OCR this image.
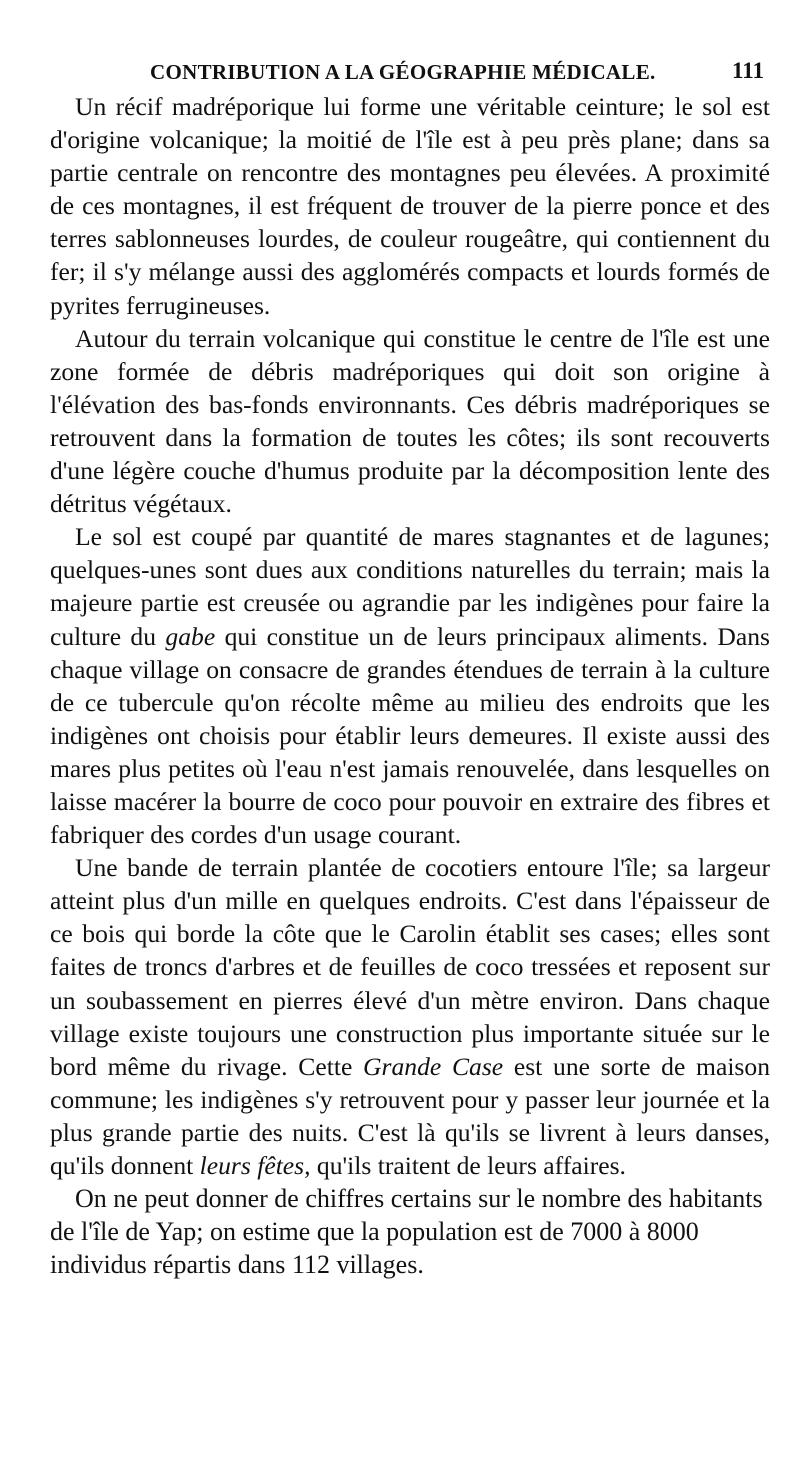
CONTRIBUTION A LA GÉOGRAPHIE MÉDICALE.	111

Un récif madréporique lui forme une véritable ceinture; le sol est d'origine volcanique; la moitié de l'île est à peu près plane; dans sa partie centrale on rencontre des montagnes peu élevées. A proximité de ces montagnes, il est fréquent de trouver de la pierre ponce et des terres sablonneuses lourdes, de couleur rougeâtre, qui contiennent du fer; il s'y mélange aussi des agglomérés compacts et lourds formés de pyrites ferrugineuses.

Autour du terrain volcanique qui constitue le centre de l'île est une zone formée de débris madréporiques qui doit son origine à l'élévation des bas-fonds environnants. Ces débris madréporiques se retrouvent dans la formation de toutes les côtes; ils sont recouverts d'une légère couche d'humus produite par la décomposition lente des détritus végétaux.

Le sol est coupé par quantité de mares stagnantes et de lagunes; quelques-unes sont dues aux conditions naturelles du terrain; mais la majeure partie est creusée ou agrandie par les indigènes pour faire la culture du gabe qui constitue un de leurs principaux aliments. Dans chaque village on consacre de grandes étendues de terrain à la culture de ce tubercule qu'on récolte même au milieu des endroits que les indigènes ont choisis pour établir leurs demeures. Il existe aussi des mares plus petites où l'eau n'est jamais renouvelée, dans lesquelles on laisse macérer la bourre de coco pour pouvoir en extraire des fibres et fabriquer des cordes d'un usage courant.

Une bande de terrain plantée de cocotiers entoure l'île; sa largeur atteint plus d'un mille en quelques endroits. C'est dans l'épaisseur de ce bois qui borde la côte que le Carolin établit ses cases; elles sont faites de troncs d'arbres et de feuilles de coco tressées et reposent sur un soubassement en pierres élevé d'un mètre environ. Dans chaque village existe toujours une construction plus importante située sur le bord même du rivage. Cette Grande Case est une sorte de maison commune; les indigènes s'y retrouvent pour y passer leur journée et la plus grande partie des nuits. C'est là qu'ils se livrent à leurs danses, qu'ils donnent leurs fêtes, qu'ils traitent de leurs affaires.

On ne peut donner de chiffres certains sur le nombre des habitants de l'île de Yap; on estime que la population est de 7000 à 8000 individus répartis dans 112 villages.
